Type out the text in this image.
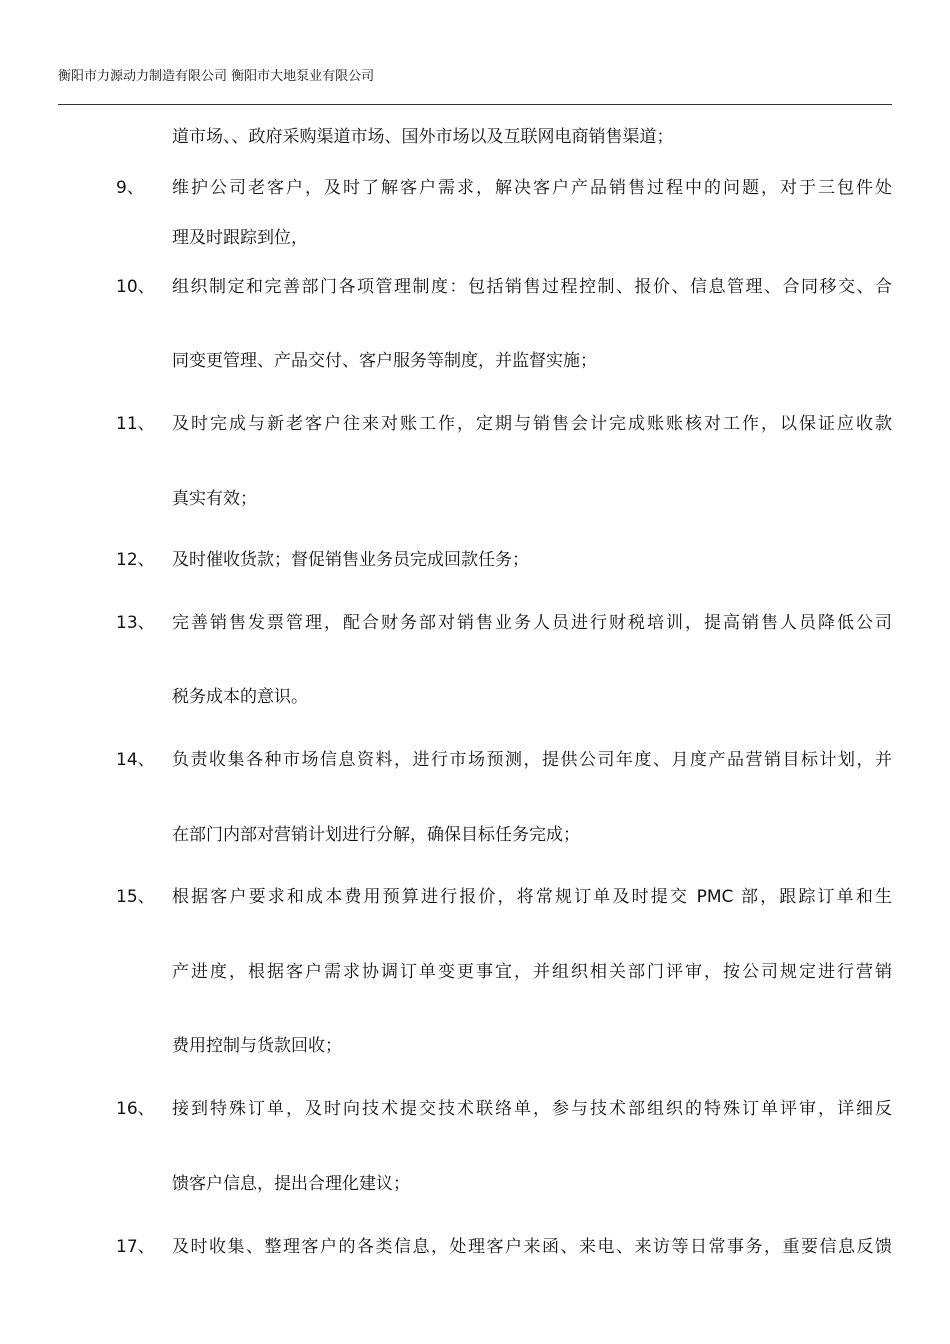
衡阳市力源动力制造有限公司 衡阳市大地泵业有限公司
道市场、、政府采购渠道市场、国外市场以及互联网电商销售渠道；
9、 维护公司老客户，及时了解客户需求，解决客户产品销售过程中的问题，对于三包件处
理及时跟踪到位，
10、 组织制定和完善部门各项管理制度：包括销售过程控制、报价、信息管理、合同移交、合
同变更管理、产品交付、客户服务等制度，并监督实施；
11、 及时完成与新老客户往来对账工作，定期与销售会计完成账账核对工作，以保证应收款
真实有效；
12、 及时催收货款；督促销售业务员完成回款任务；
13、 完善销售发票管理，配合财务部对销售业务人员进行财税培训，提高销售人员降低公司
税务成本的意识。
14、 负责收集各种市场信息资料，进行市场预测，提供公司年度、月度产品营销目标计划，并
在部门内部对营销计划进行分解，确保目标任务完成；
15、 根据客户要求和成本费用预算进行报价，将常规订单及时提交 PMC 部，跟踪订单和生
产进度，根据客户需求协调订单变更事宜，并组织相关部门评审，按公司规定进行营销
费用控制与货款回收；
16、 接到特殊订单，及时向技术提交技术联络单，参与技术部组织的特殊订单评审，详细反
馈客户信息，提出合理化建议；
17、 及时收集、整理客户的各类信息，处理客户来函、来电、来访等日常事务，重要信息反馈
